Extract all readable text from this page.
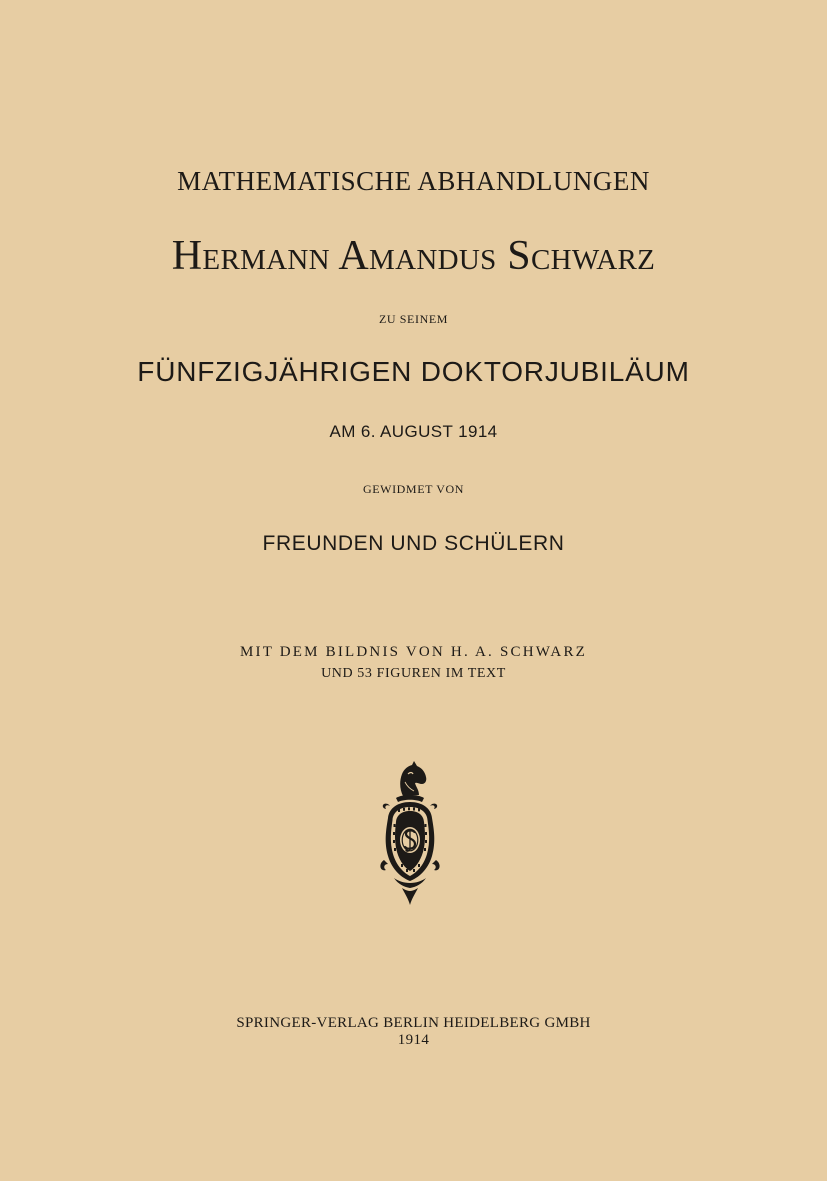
MATHEMATISCHE ABHANDLUNGEN
Hermann Amandus Schwarz
ZU SEINEM
FÜNFZIGJÄHRIGEN DOKTORJUBILÄUM
AM 6. AUGUST 1914
GEWIDMET VON
FREUNDEN UND SCHÜLERN
MIT DEM BILDNIS VON H. A. SCHWARZ
UND 53 FIGUREN IM TEXT
SPRINGER-VERLAG BERLIN HEIDELBERG GMBH
1914
